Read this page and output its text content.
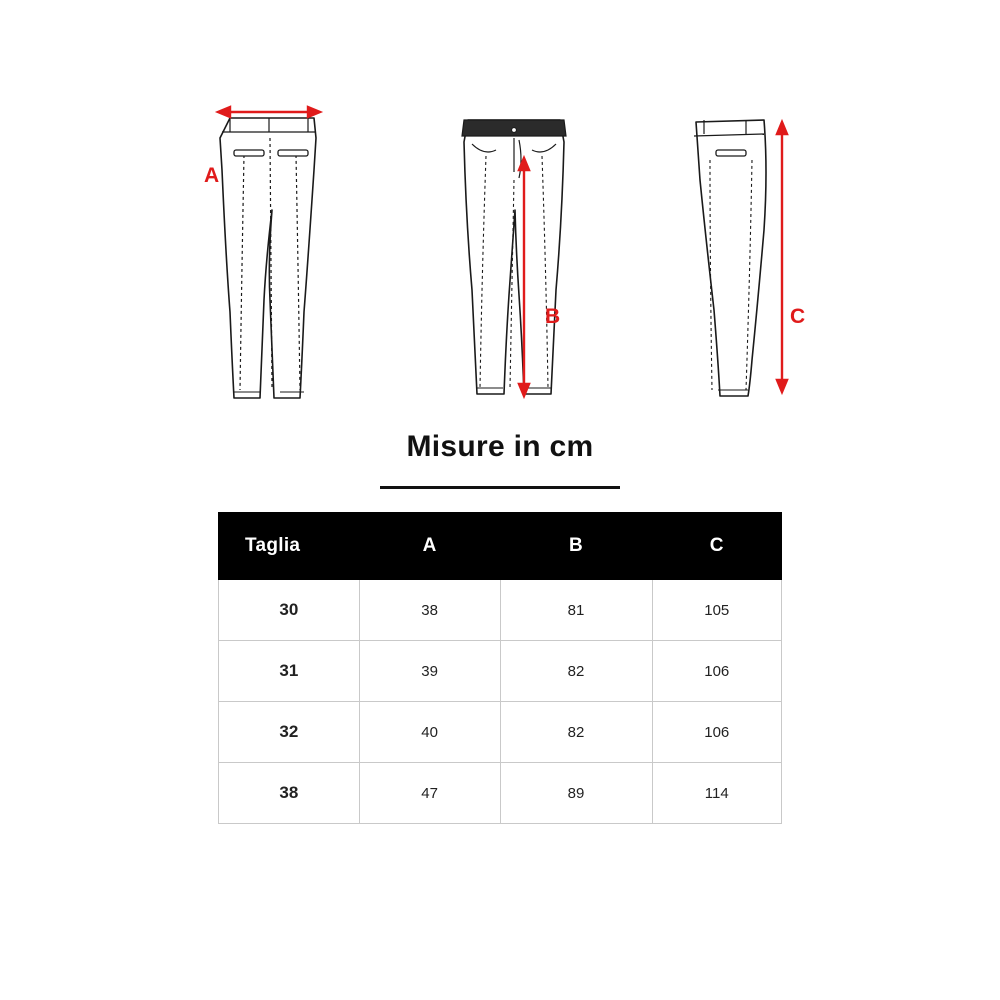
A
B	C
Misure in cm
Taglia	A	B	C
30	38	81	105
31	39	82	106
32	40	82	106
38	47	89	114
